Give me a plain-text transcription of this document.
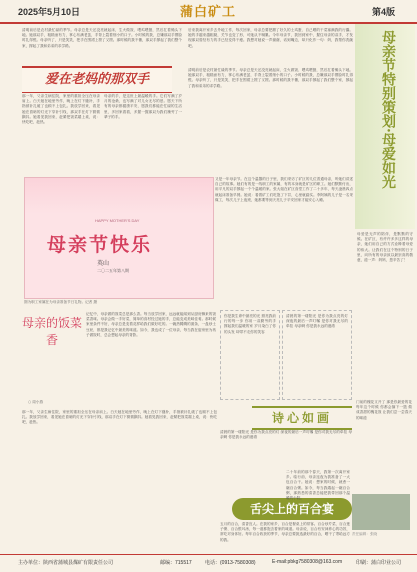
2025年5月10日	蒲白矿工	第4版
清明前后是农村最忙碌的季节。母亲总是天还没亮就起床，生火做饭、喂鸡喂猪，然后扛着锄头下地。她那双手，粗糙而有力，掌心布满老茧，手背上裂着细小的口子。小时候的我，总嫌那双手摸脸时扎得慌。母亲听了，只是笑笑，把手在围裙上擦了又擦。那时候的我不懂，那双手撑起了我们整个家，撑起了我和弟弟的求学路。
后来我离开家乡去外地工作，每次回家，母亲总要把攒了好久的土鸡蛋、自己晒的干菜塞满我的行囊。她的手越来越粗糙，关节也变了形，可她从不喊累。今年母亲节，我回到家中，握住母亲的双手，才发现那双曾经有力的手已经变得干瘦。我想对她说一声谢谢，话到嘴边，却只化作一句：妈，我帮你洗碗吧。
爱在老妈的那双手
那一年，父亲生病住院，家里的重担全压在母亲肩上。白天她在地里劳作，晚上在灯下缝补，手指被针扎破了也顾不上包扎。我放学回来，看见她在昏暗的灯光下穿针引线，那双手在灯下微微颤抖。她看见我回来，赶紧把饭菜端上桌，说：快吃吧，趁热。
母亲的手，是这世上最温暖的手。它们写满了岁月的沧桑，也写满了对儿女无尽的爱。愿天下所有的母亲都健康平安，愿我们都能在忙碌的生活里，多回家看看，多握一握那双为我们操劳了一辈子的手。
清明前后是农村最忙碌的季节。母亲总是天还没亮就起床，生火做饭、喂鸡喂猪，然后扛着锄头下地。她那双手，粗糙而有力，掌心布满老茧，手背上裂着细小的口子。小时候的我，总嫌那双手摸脸时扎得慌。母亲听了，只是笑笑，把手在围裙上擦了又擦。那时候的我不懂，那双手撑起了我们整个家，撑起了我和弟弟的求学路。
HAPPY MOTHER'S DAY
母亲节快乐
英山
二〇二五年第八期
又是一年母亲节。在这个温馨的日子里，我们采访了矿区的几位普通母亲，听她们讲述自己的故事。她们有的是一线职工的家属，有的本身就是矿区的职工。她们默默付出，用平凡的双手撑起一个个温暖的家。张大姐在矿区食堂工作了二十多年，每天凌晨四点就起床准备早餐。她说：看着矿工们吃饱了下井，心里就踏实。李阿姨的儿子是一名采煤工，每次儿子上夜班，她都要等到天亮儿子平安回家才能安心入睡。
图为职工家属在为母亲准备节日礼物。记者 摄
母亲节特别策划·母爱如光
母爱是无声的陪伴，是默默的守候。在矿区，有许许多多这样的母亲，她们用自己的方式诠释着母爱的伟大。让我们在这个特别的日子里，向所有的母亲致以最崇高的敬意，道一声：妈妈，您辛苦了！
母亲的饭菜香
○ 周小燕
记忆中，母亲做的饭菜总是那么香。每当放学回家，远远就能闻到从厨房飘来的饭菜香味。母亲会做一手好菜，简单的食材经过她的手，总能变成美味佳肴。那时候家里条件不好，母亲总是变着花样给我们做好吃的。一碗热腾腾的面条，一盘炒土豆丝，都是我记忆中最美的味道。如今，我也成了一位母亲，每当我在厨房里为孩子做饭时，总会想起母亲的背影。
那一年，父亲生病住院，家里的重担全压在母亲肩上。白天她在地里劳作，晚上在灯下缝补，手指被针扎破了也顾不上包扎。我放学回来，看见她在昏暗的灯光下穿针引线，那双手在灯下微微颤抖。她看见我回来，赶紧把饭菜端上桌，说：快吃吧，趁热。
你是我生命中最亮的光 照亮我前行的每一步 你用一双勤劳的手 撑起我们温暖的家 岁月染白了你的头发 却带不走你的笑容
清晨的第一缕阳光 是你为我点亮的灯 深夜的最后一声叮嘱 是你对我无尽的牵挂 母亲啊 你是我永远的港湾
诗心如画
门前的槐花又开了 那是你最爱的花 每年这个时候 你都会摘下一篮 做成香甜的槐花饭 让我们尝一尝春天的味道
清晨的第一缕阳光 是你为我点亮的灯 深夜的最后一声叮嘱 是你对我无尽的牵挂 母亲啊 你是我永远的港湾
舌尖上的百合宴
五月的百合，清香宜人。在我的家乡，百合是餐桌上的常客。百合炒芹菜、百合莲子粥、百合银耳汤，每一道都饱含着家的味道。母亲说，百合有安神养心的功效，常吃对身体好。每年百合收获的季节，母亲总要挑选最好的百合，晒干了寄给远方的我。
二十年前的那个春天，我第一次离开家乡。临行前，母亲连夜为我准备了一大包百合干。她说：想家的时候，就煮一碗百合粥。如今，每当我端起一碗百合粥，那熟悉的清香总能把我带回那个温暖的小院。
责任编辑：张晓
主办单位：陕西省蒲城县煤矿有限责任公司	邮编：715517	电话：(0913-7580308)	E-mail:pbkg7580308@163.com	印刷：蒲白印业公司
